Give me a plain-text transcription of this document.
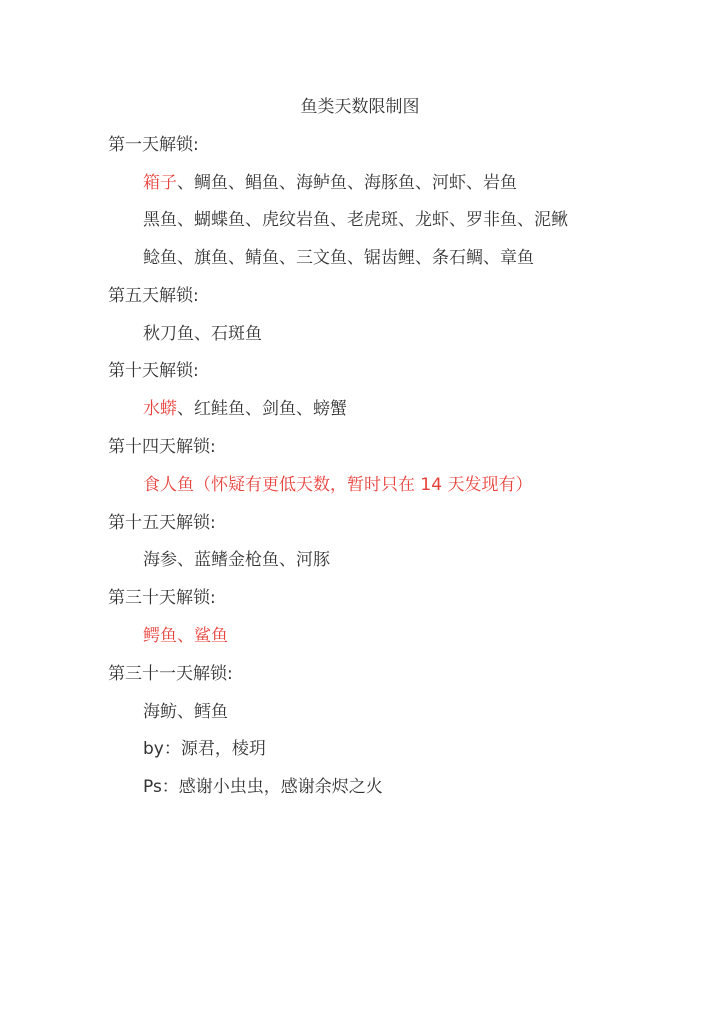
鱼类天数限制图
第一天解锁:
箱子、鲷鱼、鲳鱼、海鲈鱼、海豚鱼、河虾、岩鱼
黑鱼、蝴蝶鱼、虎纹岩鱼、老虎斑、龙虾、罗非鱼、泥鳅
鲶鱼、旗鱼、鲭鱼、三文鱼、锯齿鲤、条石鲷、章鱼
第五天解锁:
秋刀鱼、石斑鱼
第十天解锁:
水蟒、红鲑鱼、剑鱼、螃蟹
第十四天解锁:
食人鱼（怀疑有更低天数，暂时只在 14 天发现有）
第十五天解锁:
海参、蓝鳍金枪鱼、河豚
第三十天解锁:
鳄鱼、鲨鱼
第三十一天解锁:
海鲂、鳕鱼
by：源君，棱玥
Ps：感谢小虫虫，感谢余烬之火
